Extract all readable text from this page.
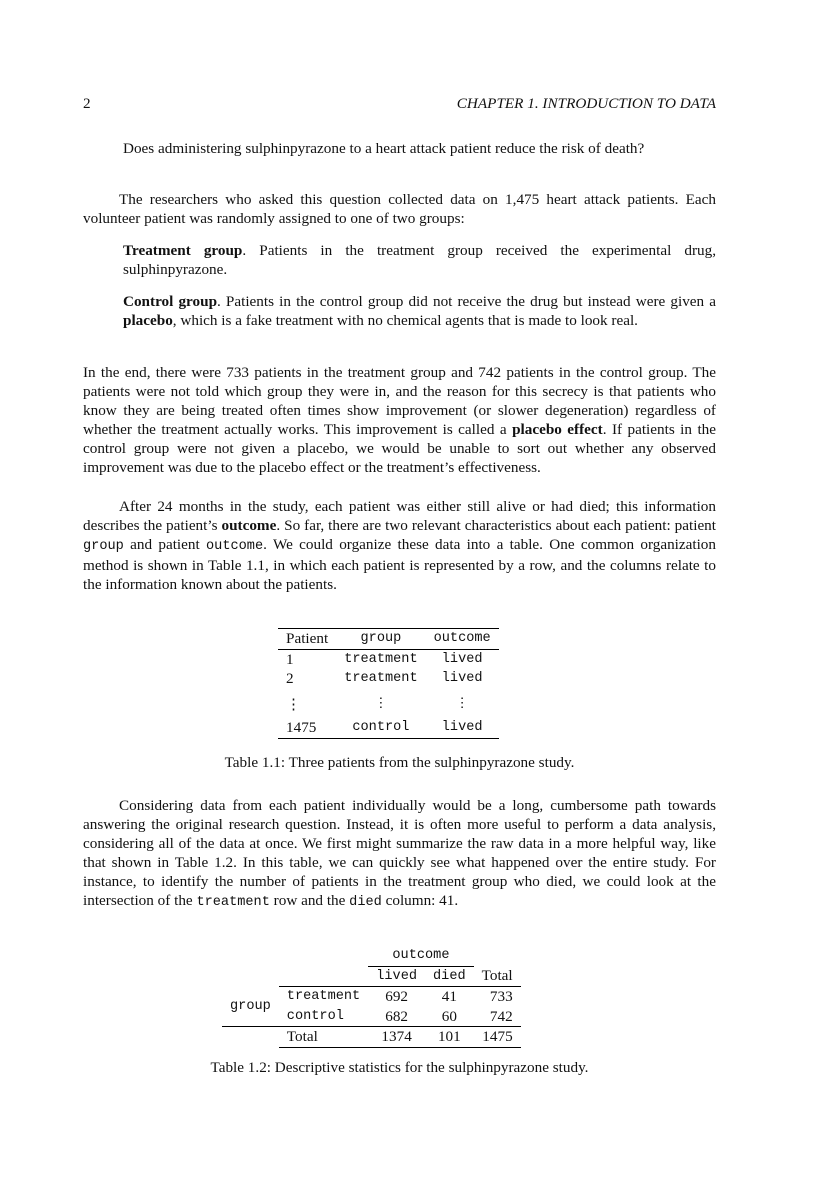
2	CHAPTER 1. INTRODUCTION TO DATA
Does administering sulphinpyrazone to a heart attack patient reduce the risk of death?
The researchers who asked this question collected data on 1,475 heart attack patients. Each volunteer patient was randomly assigned to one of two groups:
Treatment group. Patients in the treatment group received the experimental drug, sulphinpyrazone.
Control group. Patients in the control group did not receive the drug but instead were given a placebo, which is a fake treatment with no chemical agents that is made to look real.
In the end, there were 733 patients in the treatment group and 742 patients in the control group. The patients were not told which group they were in, and the reason for this secrecy is that patients who know they are being treated often times show improvement (or slower degeneration) regardless of whether the treatment actually works. This improvement is called a placebo effect. If patients in the control group were not given a placebo, we would be unable to sort out whether any observed improvement was due to the placebo effect or the treatment’s effectiveness.
After 24 months in the study, each patient was either still alive or had died; this information describes the patient’s outcome. So far, there are two relevant characteristics about each patient: patient group and patient outcome. We could organize these data into a table. One common organization method is shown in Table 1.1, in which each patient is represented by a row, and the columns relate to the information known about the patients.
Patient	group	outcome
1	treatment	lived
2	treatment	lived
⋮	⋮	⋮
1475	control	lived
Table 1.1: Three patients from the sulphinpyrazone study.
Considering data from each patient individually would be a long, cumbersome path towards answering the original research question. Instead, it is often more useful to perform a data analysis, considering all of the data at once. We first might summarize the raw data in a more helpful way, like that shown in Table 1.2. In this table, we can quickly see what happened over the entire study. For instance, to identify the number of patients in the treatment group who died, we could look at the intersection of the treatment row and the died column: 41.
		outcome		
		lived	died	Total
group	treatment	692	41	733
	control	682	60	742
	Total	1374	101	1475
Table 1.2: Descriptive statistics for the sulphinpyrazone study.
